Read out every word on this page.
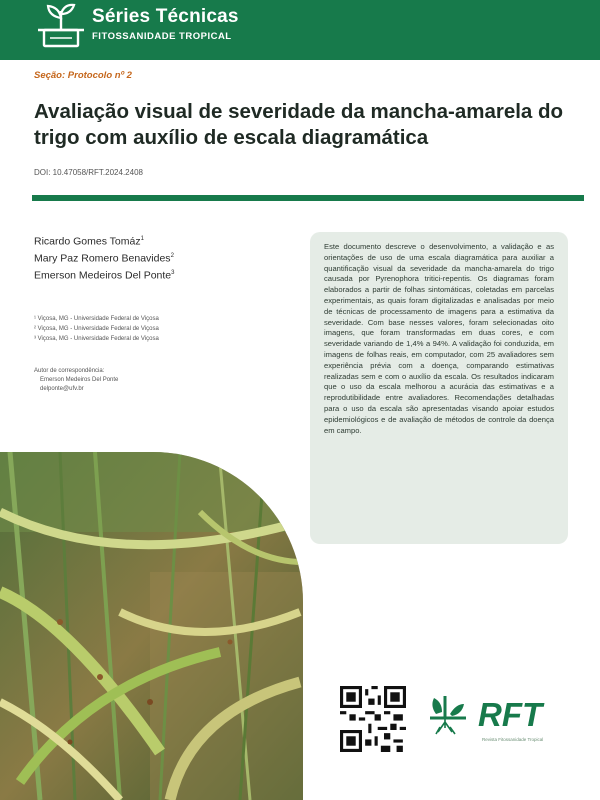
Séries Técnicas
FITOSSANIDADE TROPICAL
Seção: Protocolo nº 2
Avaliação visual de severidade da mancha-amarela do trigo com auxílio de escala diagramática
DOI: 10.47058/RFT.2024.2408
Ricardo Gomes Tomáz$^1$
Mary Paz Romero Benavides$^2$
Emerson Medeiros Del Ponte$^3$
¹ Viçosa, MG - Universidade Federal de Viçosa
² Viçosa, MG - Universidade Federal de Viçosa
³ Viçosa, MG - Universidade Federal de Viçosa
Autor de correspondência:
Emerson Medeiros Del Ponte
delponte@ufv.br

Este documento descreve o desenvolvimento, a validação e as orientações de uso de uma escala diagramática para auxiliar a quantificação visual da severidade da mancha-amarela do trigo causada por Pyrenophora tritici-repentis. Os diagramas foram elaborados a partir de folhas sintomáticas, coletadas em parcelas experimentais, as quais foram digitalizadas e analisadas por meio de técnicas de processamento de imagens para a estimativa da severidade. Com base nesses valores, foram selecionadas oito imagens, que foram transformadas em duas cores, e com severidade variando de 1,4% a 94%. A validação foi conduzida, em imagens de folhas reais, em computador, com 25 avaliadores sem experiência prévia com a doença, comparando estimativas realizadas sem e com o auxílio da escala. Os resultados indicaram que o uso da escala melhorou a acurácia das estimativas e a reprodutibilidade entre avaliadores. Recomendações detalhadas para o uso da escala são apresentadas visando apoiar estudos epidemiológicos e de avaliação de métodos de controle da doença em campo.

RFT
Revista Fitossanidade Tropical
